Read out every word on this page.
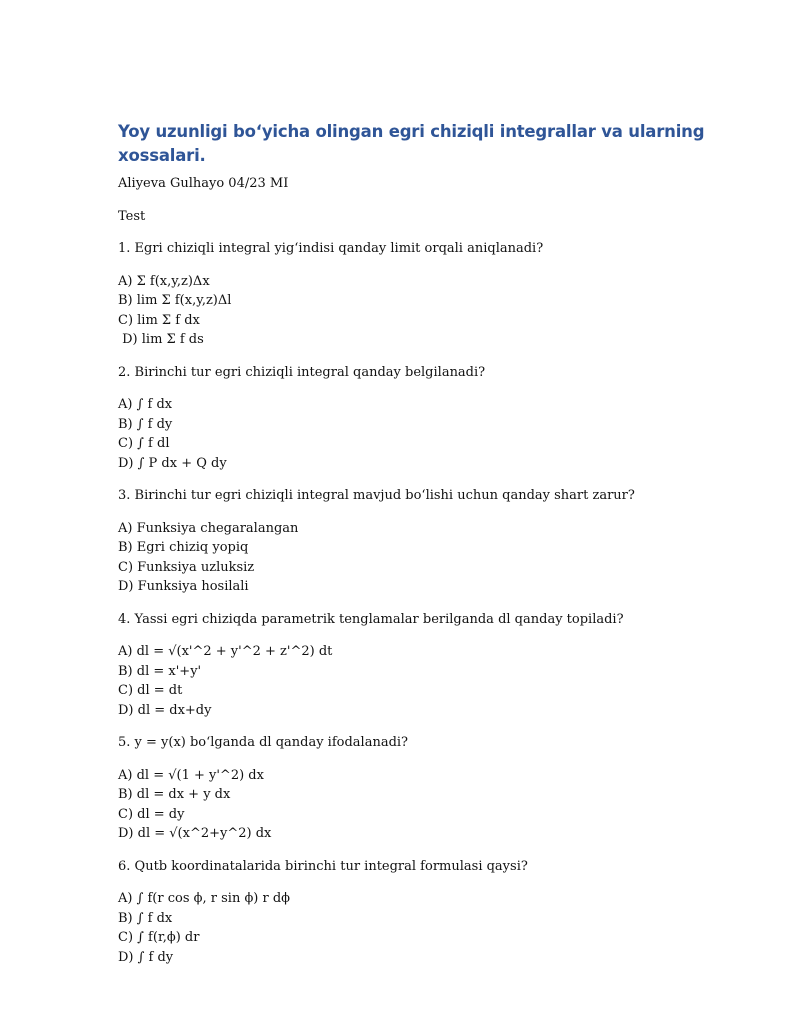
Yoy uzunligi bo‘yicha olingan egri chiziqli integrallar va ularning xossalari.

Aliyeva Gulhayo 04/23 MI

Test

1. Egri chiziqli integral yig‘indisi qanday limit orqali aniqlanadi?

A) Σ f(x,y,z)Δx

B) lim Σ f(x,y,z)Δl

C) lim Σ f dx

D) lim Σ f ds

2. Birinchi tur egri chiziqli integral qanday belgilanadi?

A) ∫ f dx

B) ∫ f dy

C) ∫ f dl

D) ∫ P dx + Q dy

3. Birinchi tur egri chiziqli integral mavjud bo‘lishi uchun qanday shart zarur?

A) Funksiya chegaralangan

B) Egri chiziq yopiq

C) Funksiya uzluksiz

D) Funksiya hosilali

4. Yassi egri chiziqda parametrik tenglamalar berilganda dl qanday topiladi?

A) dl = √(x'^2 + y'^2 + z'^2) dt

B) dl = x'+y'

C) dl = dt

D) dl = dx+dy

5. y = y(x) bo‘lganda dl qanday ifodalanadi?

A) dl = √(1 + y'^2) dx

B) dl = dx + y dx

C) dl = dy

D) dl = √(x^2+y^2) dx

6. Qutb koordinatalarida birinchi tur integral formulasi qaysi?

A) ∫ f(r cos ϕ, r sin ϕ) r dϕ

B) ∫ f dx

C) ∫ f(r,ϕ) dr

D) ∫ f dy
